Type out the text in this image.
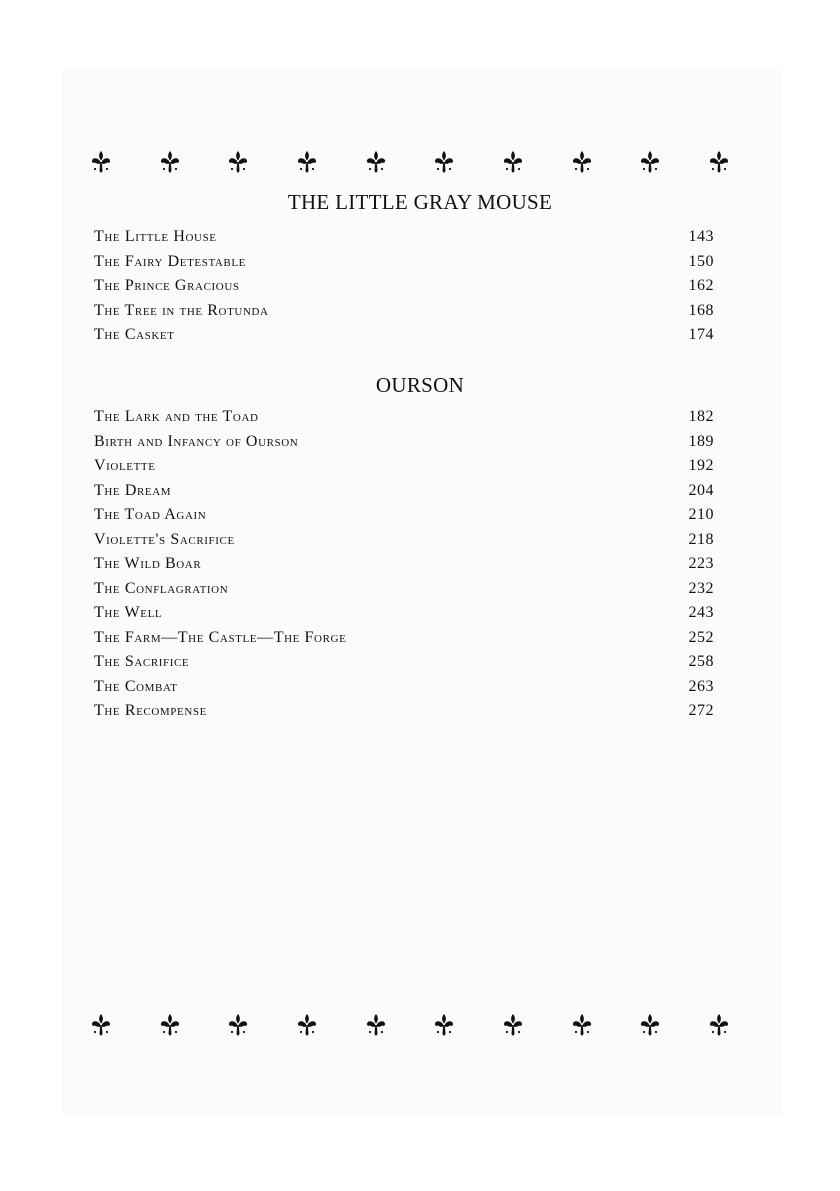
THE LITTLE GRAY MOUSE
The Little House	143
The Fairy Detestable	150
The Prince Gracious	162
The Tree in the Rotunda	168
The Casket	174
OURSON
The Lark and the Toad	182
Birth and Infancy of Ourson	189
Violette	192
The Dream	204
The Toad Again	210
Violette's Sacrifice	218
The Wild Boar	223
The Conflagration	232
The Well	243
The Farm—The Castle—The Forge	252
The Sacrifice	258
The Combat	263
The Recompense	272
